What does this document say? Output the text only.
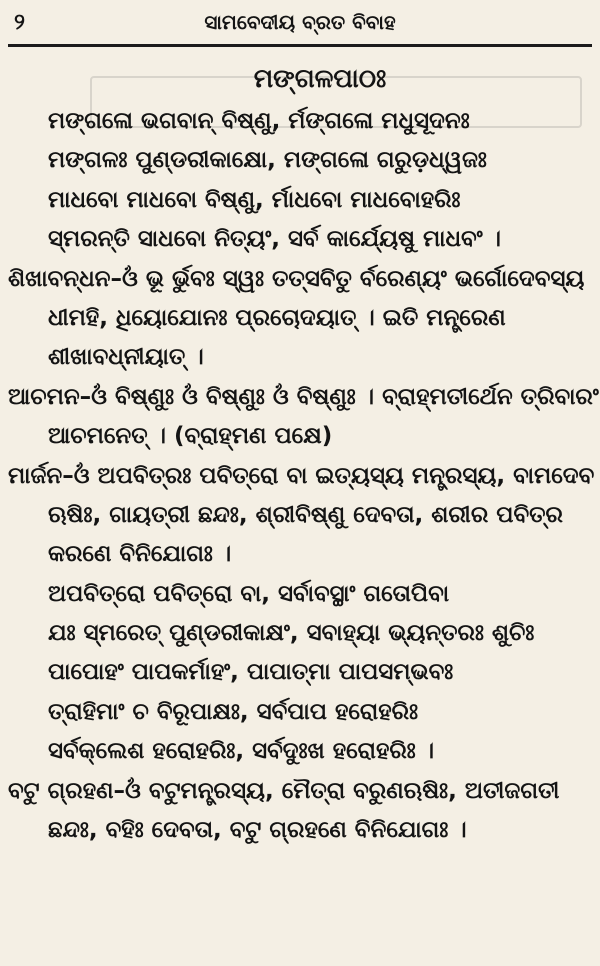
୨	ସାମବେଦୀୟ ବ୍ରତ ବିବାହ
ମଙ୍ଗଳପାଠଃ
ମଙ୍ଗଳୋ ଭଗବାନ୍ ବିଷ୍ଣୁ, ର୍ମଙ୍ଗଳୋ ମଧୁସୂଦନଃ
ମଙ୍ଗଳଃ ପୁଣ୍ଡରୀକାକ୍ଷୋ, ମଙ୍ଗଳୋ ଗରୁଡ଼ଧ୍ୱଜଃ
ମାଧବୋ ମାଧବୋ ବିଷ୍ଣୁ, ର୍ମାଧବୋ ମାଧବୋହରିଃ
ସ୍ମରନ୍ତି ସାଧବୋ ନିତ୍ୟଂ, ସର୍ବ କାର୍ଯ୍ୟେଷୁ ମାଧବଂ ।
ଶିଖାବନ୍ଧନ–ଓଁ ଭୂ ର୍ଭୁବଃ ସ୍ୱଃ ତତ୍ସବିତୁ ର୍ବରେଣ୍ୟଂ ଭର୍ଗୋଦେବସ୍ୟ
ଧୀମହି, ଧିୟୋଯୋନଃ ପ୍ରଚୋଦୟାତ୍ । ଇତି ମନ୍ତ୍ରେଣ
ଶୀଖାବଧ୍ନୀୟାତ୍ ।
ଆଚମନ–ଓଁ ବିଷ୍ଣୁଃ ଓଁ ବିଷ୍ଣୁଃ ଓଁ ବିଷ୍ଣୁଃ । ବ୍ରାହ୍ମତୀର୍ଥେନ ତ୍ରିବାରଂ
ଆଚମନେତ୍ । (ବ୍ରାହ୍ମଣ ପକ୍ଷେ)
ମାର୍ଜନ–ଓଁ ଅପବିତ୍ରଃ ପବିତ୍ରୋ ବା ଇତ୍ୟସ୍ୟ ମନ୍ତ୍ରସ୍ୟ, ବାମଦେବ
ଋଷିଃ, ଗାୟତ୍ରୀ ଛନ୍ଦଃ, ଶ୍ରୀବିଷ୍ଣୁ ଦେବତା, ଶରୀର ପବିତ୍ର
କରଣେ ବିନିଯୋଗଃ ।
ଅପବିତ୍ରୋ ପବିତ୍ରୋ ବା, ସର୍ବାବସ୍ଥାଂ ଗତୋପିବା
ଯଃ ସ୍ମରେତ୍ ପୁଣ୍ଡରୀକାକ୍ଷଂ, ସବାହ୍ୟା ଭ୍ୟନ୍ତରଃ ଶୁଚିଃ
ପାପୋହଂ ପାପକର୍ମାହଂ, ପାପାତ୍ମା ପାପସମ୍ଭବଃ
ତ୍ରାହିମାଂ ଚ ବିରୂପାକ୍ଷଃ, ସର୍ବପାପ ହରୋହରିଃ
ସର୍ବକ୍ଲେଶ ହରୋହରିଃ, ସର୍ବଦୁଃଖ ହରୋହରିଃ ।
ବଟୁ ଗ୍ରହଣ–ଓଁ ବଟୁମନ୍ତ୍ରସ୍ୟ, ମୈତ୍ରା ବରୁଣଋଷିଃ, ଅତୀଜଗତୀ
ଛନ୍ଦଃ, ବହିଃ ଦେବତା, ବଟୁ ଗ୍ରହଣେ ବିନିଯୋଗଃ ।
